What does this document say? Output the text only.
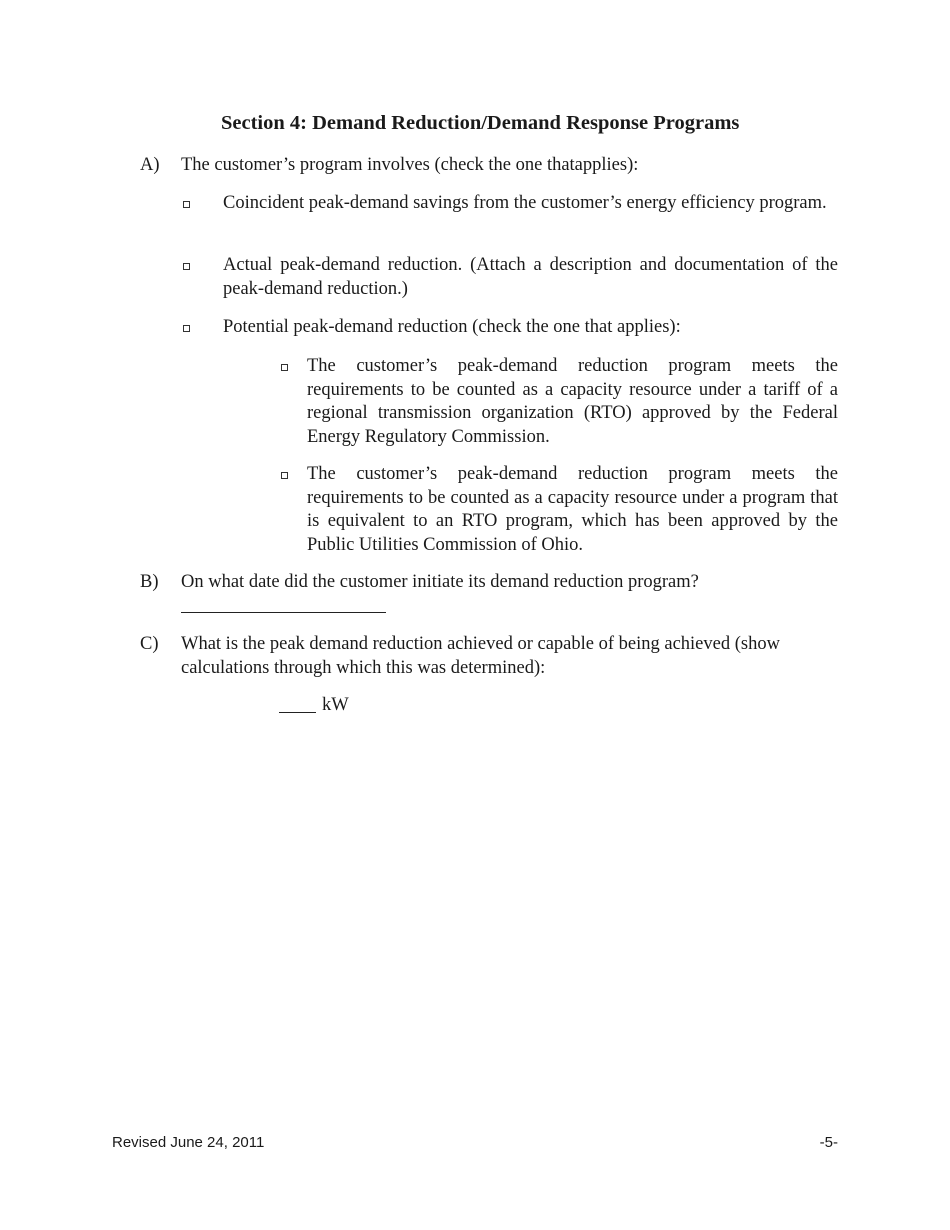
Section 4: Demand Reduction/Demand Response Programs
A) The customer’s program involves (check the one thatapplies):
Coincident peak-demand savings from the customer’s energy efficiency program.
Actual peak-demand reduction. (Attach a description and documentation of the peak-demand reduction.)
Potential peak-demand reduction (check the one that applies):
The customer’s peak-demand reduction program meets the requirements to be counted as a capacity resource under a tariff of a regional transmission organization (RTO) approved by the Federal Energy Regulatory Commission.
The customer’s peak-demand reduction program meets the requirements to be counted as a capacity resource under a program that is equivalent to an RTO program, which has been approved by the Public Utilities Commission of Ohio.
B) On what date did the customer initiate its demand reduction program?
C) What is the peak demand reduction achieved or capable of being achieved (show calculations through which this was determined):
kW
Revised June 24, 2011	-5-
